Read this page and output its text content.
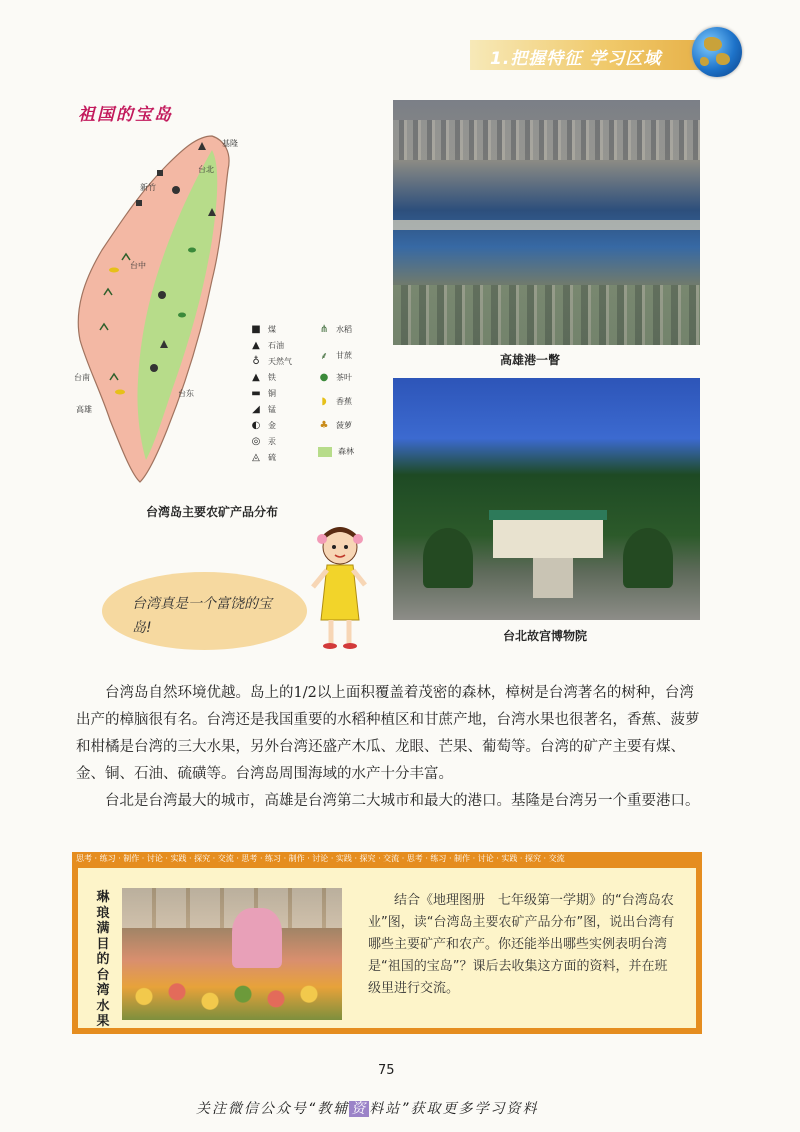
1.把握特征 学习区域
祖国的宝岛
基隆
新竹
台北
台中
台南
高雄
台东
■ 煤
▲ 石油
♁ 天然气
▲ 铁
▬ 铜
◢ 锰
◐ 金
◎ 汞
◬ 硫
⋔ 水稻
⸙ 甘蔗
● 茶叶
◗	香蕉
♣ 菠萝
森林
台湾岛主要农矿产品分布
高雄港一瞥
台北故宫博物院
台湾真是一个富饶的宝岛!
台湾岛自然环境优越。岛上的1/2以上面积覆盖着茂密的森林，樟树是台湾著名的树种，台湾出产的樟脑很有名。台湾还是我国重要的水稻种植区和甘蔗产地，台湾水果也很著名，香蕉、菠萝和柑橘是台湾的三大水果，另外台湾还盛产木瓜、龙眼、芒果、葡萄等。台湾的矿产主要有煤、金、铜、石油、硫磺等。台湾岛周围海域的水产十分丰富。
台北是台湾最大的城市，高雄是台湾第二大城市和最大的港口。基隆是台湾另一个重要港口。
思考 · 练习 · 制作 · 讨论 · 实践 · 探究 · 交流 · 思考 · 练习 · 制作 · 讨论 · 实践 · 探究 · 交流 · 思考 · 练习 · 制作 · 讨论 · 实践 · 探究 · 交流
琳琅满目的台湾水果
结合《地理图册　七年级第一学期》的“台湾岛农业”图，读“台湾岛主要农矿产品分布”图，说出台湾有哪些主要矿产和农产。你还能举出哪些实例表明台湾是“祖国的宝岛”？课后去收集这方面的资料，并在班级里进行交流。
75
关注微信公众号“教辅 资 料站”获取更多学习资料
